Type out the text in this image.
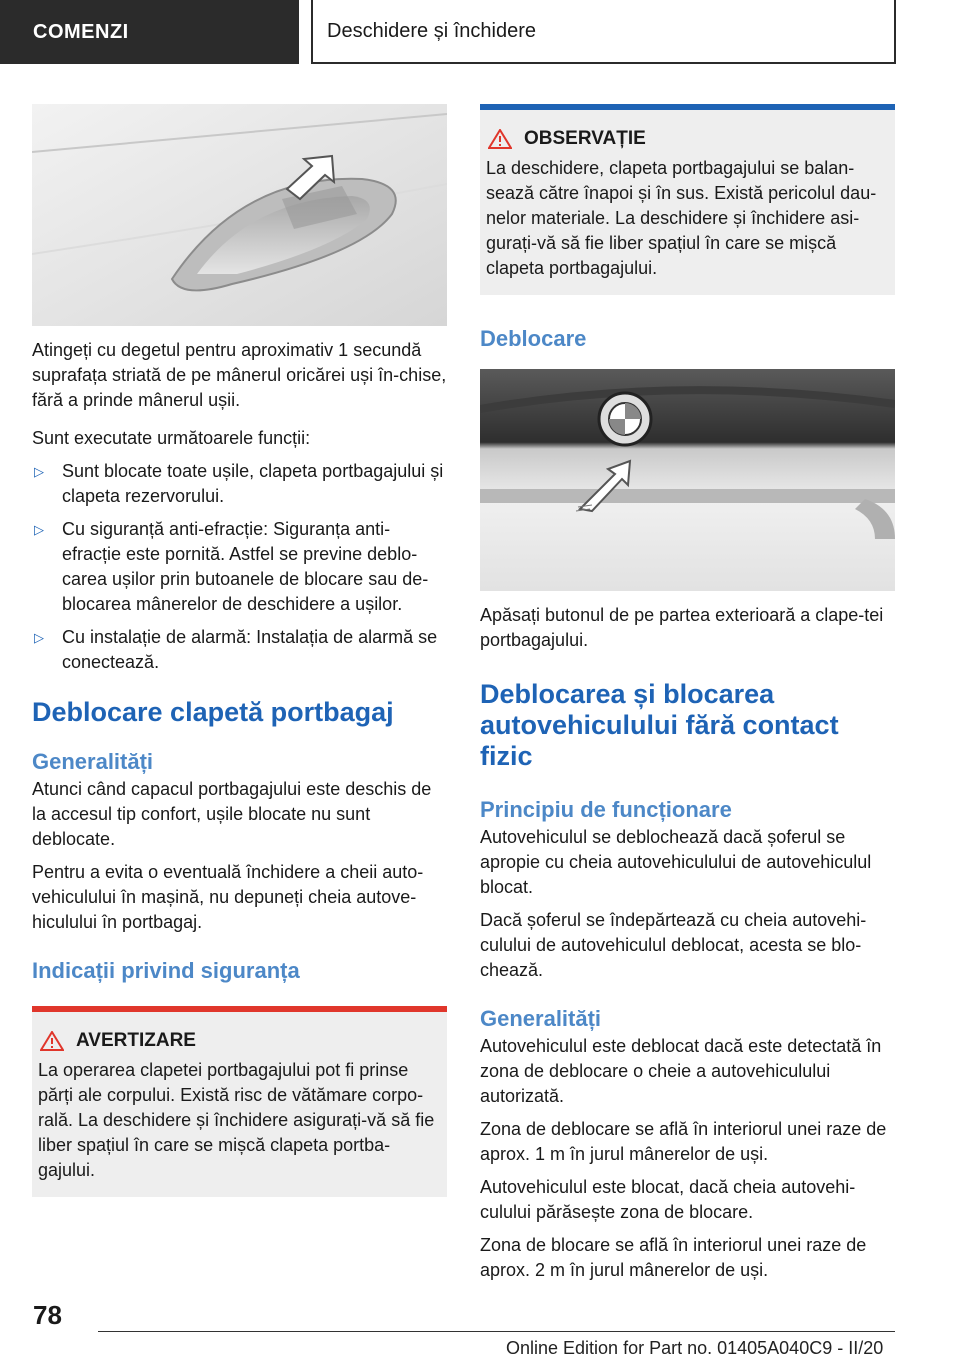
COMENZI	Deschidere și închidere

Atingeți cu degetul pentru aproximativ 1 secundă suprafața striată de pe mânerul oricărei uși în-chise, fără a prinde mânerul ușii.

Sunt executate următoarele funcții:

▷	Sunt blocate toate ușile, clapeta portbagajului și clapeta rezervorului.
▷	Cu siguranță anti-efracție: Siguranța anti-efracție este pornită. Astfel se previne deblo-carea ușilor prin butoanele de blocare sau de-blocarea mânerelor de deschidere a ușilor.
▷	Cu instalație de alarmă: Instalația de alarmă se conectează.
Deblocare clapetă portbagaj
Generalități

Atunci când capacul portbagajului este deschis de la accesul tip confort, ușile blocate nu sunt deblocate.

Pentru a evita o eventuală închidere a cheii auto-vehiculului în mașină, nu depuneți cheia autove-hiculului în portbagaj.

Indicații privind siguranța
AVERTIZARE

La operarea clapetei portbagajului pot fi prinse părți ale corpului. Există risc de vătămare corpo-rală. La deschidere și închidere asigurați-vă să fie liber spațiul în care se mișcă clapeta portba-gajului.

OBSERVAȚIE

La deschidere, clapeta portbagajului se balan-sează către înapoi și în sus. Există pericolul dau-nelor materiale. La deschidere și închidere asi-gurați-vă să fie liber spațiul în care se mișcă clapeta portbagajului.

Deblocare

Apăsați butonul de pe partea exterioară a clape-tei portbagajului.

Deblocarea și blocarea autovehiculului fără contact fizic
Principiu de funcționare

Autovehiculul se deblochează dacă șoferul se apropie cu cheia autovehiculului de autovehiculul blocat.

Dacă șoferul se îndepărtează cu cheia autovehi-culului de autovehiculul deblocat, acesta se blo-chează.

Generalități

Autovehiculul este deblocat dacă este detectată în zona de deblocare o cheie a autovehiculului autorizată.

Zona de deblocare se află în interiorul unei raze de aprox. 1 m în jurul mânerelor de uși.

Autovehiculul este blocat, dacă cheia autovehi-culului părăsește zona de blocare.

Zona de blocare se află în interiorul unei raze de aprox. 2 m în jurul mânerelor de uși.

78
Online Edition for Part no. 01405A040C9 - II/20
